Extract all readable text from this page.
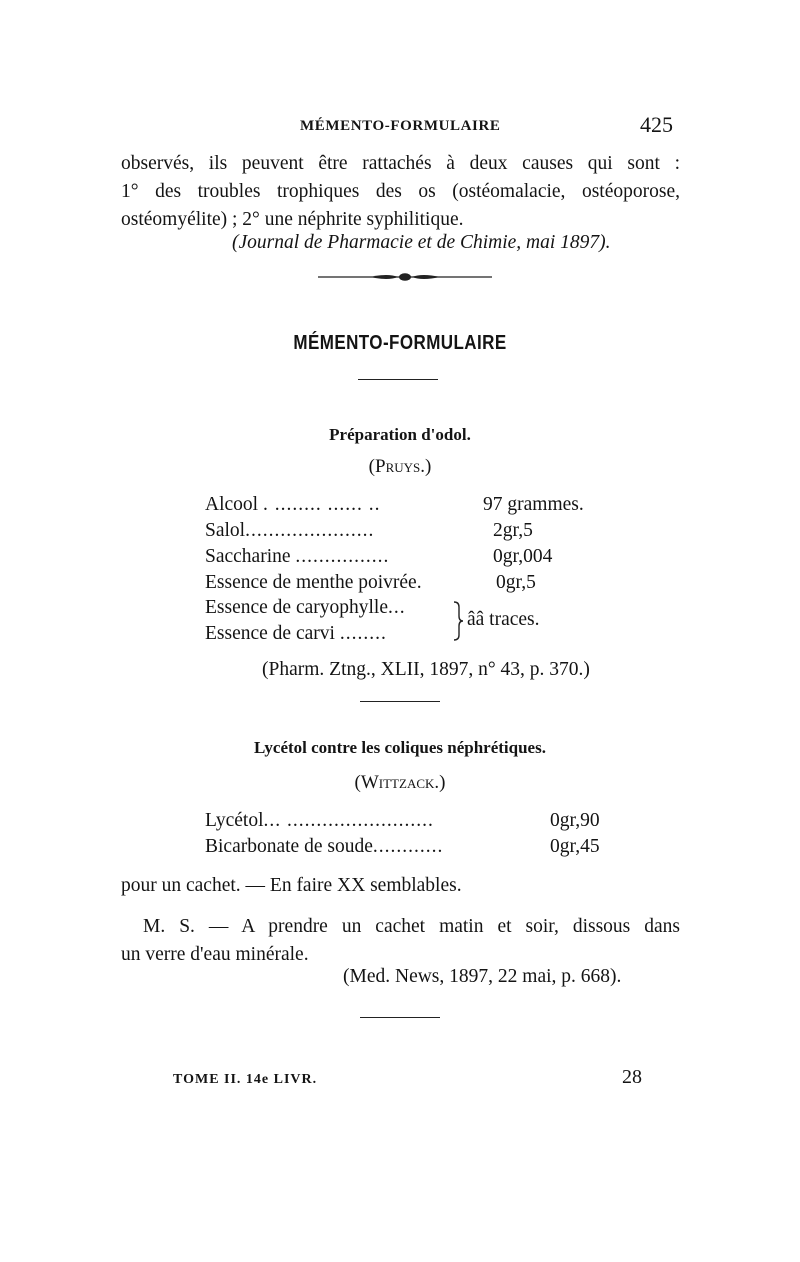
MÉMENTO-FORMULAIRE	425
observés, ils peuvent être rattachés à deux causes qui sont :
1° des troubles trophiques des os (ostéomalacie, ostéoporose,
ostéomyélite) ; 2° une néphrite syphilitique.
(Journal de Pharmacie et de Chimie, mai 1897).
MÉMENTO-FORMULAIRE
Préparation d'odol.
(Pruys.)
Alcool . ........ ...... ..	97 grammes.
Salol......................	2gr,5
Saccharine ................	0gr,004
Essence de menthe poivrée.	0gr,5
Essence de caryophylle...
Essence de carvi ........
ââ traces.
(Pharm. Ztng., XLII, 1897, n° 43, p. 370.)
Lycétol contre les coliques néphrétiques.
(Wittzack.)
Lycétol... .........................	0gr,90
Bicarbonate de soude............	0gr,45
pour un cachet. — En faire XX semblables.
M. S. — A prendre un cachet matin et soir, dissous dans
un verre d'eau minérale.
(Med. News, 1897, 22 mai, p. 668).
TOME II. 14e LIVR.	28
